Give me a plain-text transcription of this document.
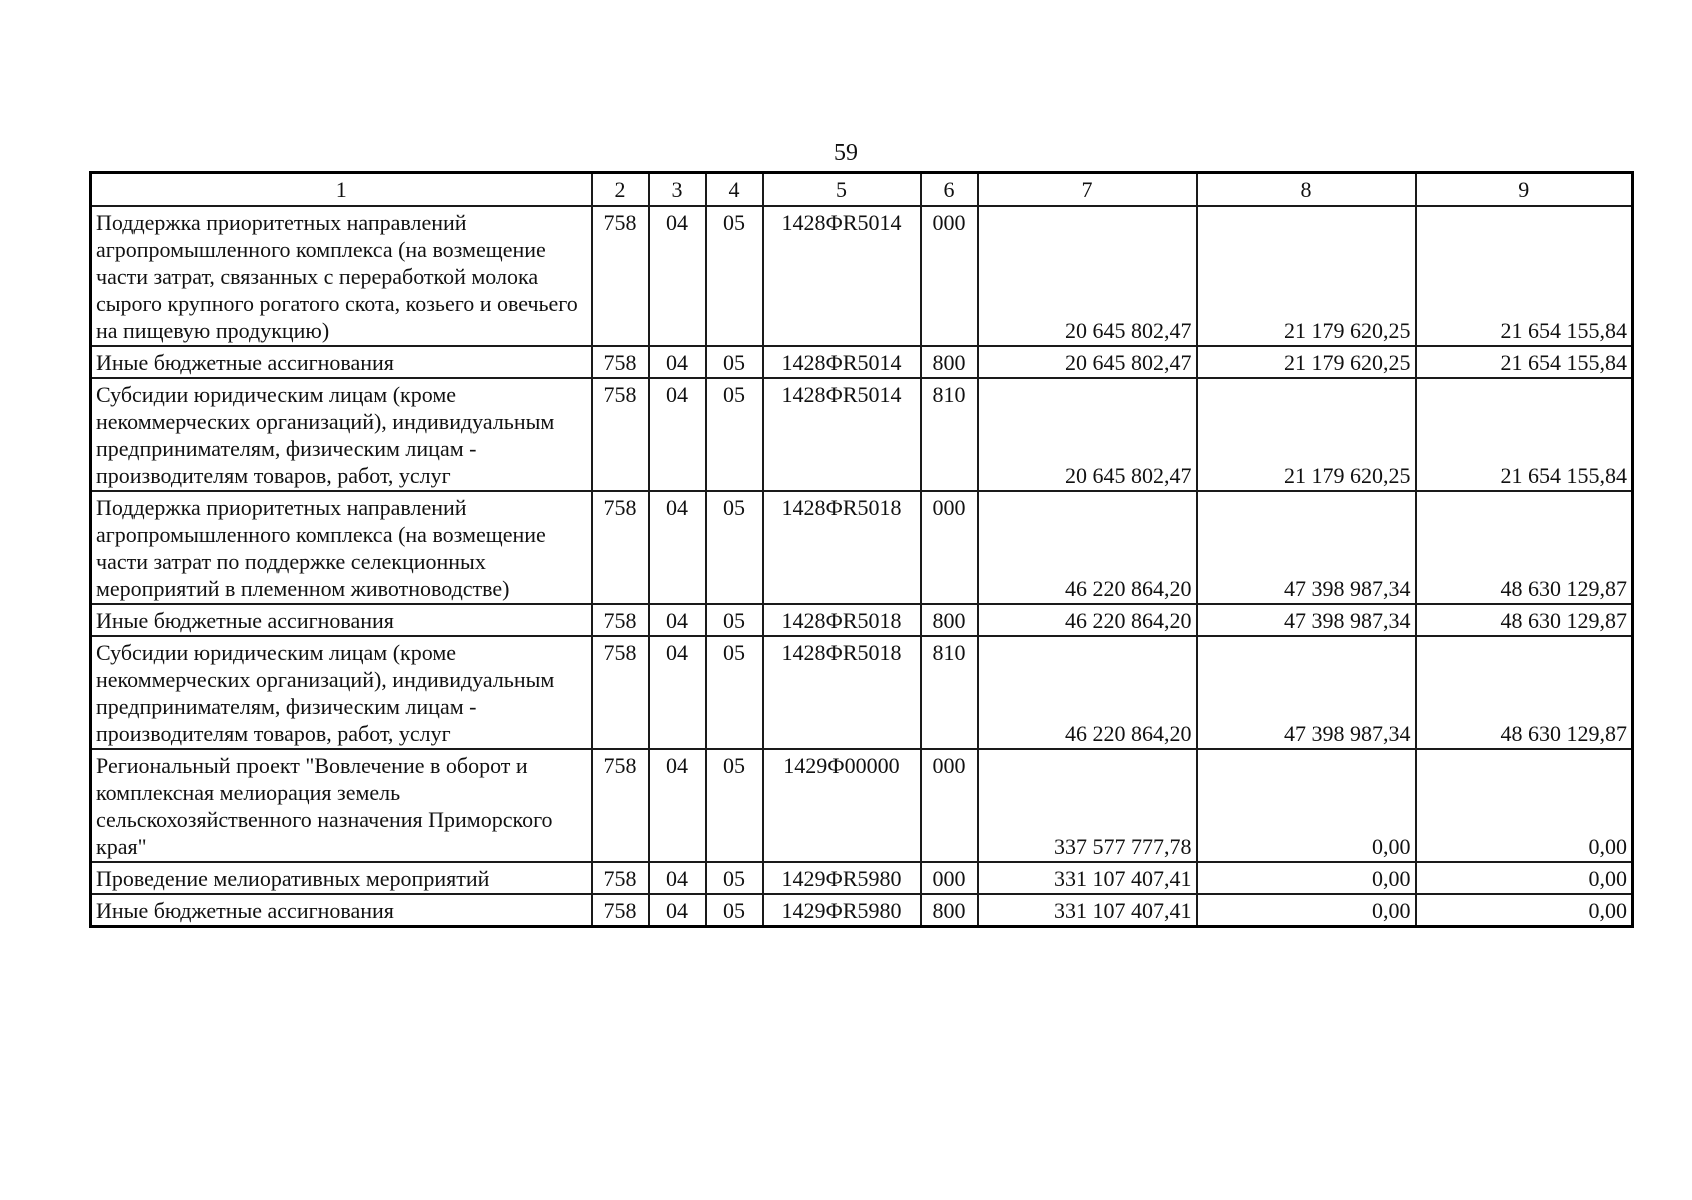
59
1	2	3	4	5	6	7	8	9
Поддержка приоритетных направлений агропромышленного комплекса (на возмещение части затрат, связанных с переработкой молока сырого крупного рогатого скота, козьего и овечьего на пищевую продукцию)	758	04	05	1428ФR5014	000	20 645 802,47	21 179 620,25	21 654 155,84
Иные бюджетные ассигнования	758	04	05	1428ФR5014	800	20 645 802,47	21 179 620,25	21 654 155,84
Субсидии юридическим лицам (кроме некоммерческих организаций), индивидуальным предпринимателям, физическим лицам - производителям товаров, работ, услуг	758	04	05	1428ФR5014	810	20 645 802,47	21 179 620,25	21 654 155,84
Поддержка приоритетных направлений агропромышленного комплекса (на возмещение части затрат по поддержке селекционных мероприятий в племенном животноводстве)	758	04	05	1428ФR5018	000	46 220 864,20	47 398 987,34	48 630 129,87
Иные бюджетные ассигнования	758	04	05	1428ФR5018	800	46 220 864,20	47 398 987,34	48 630 129,87
Субсидии юридическим лицам (кроме некоммерческих организаций), индивидуальным предпринимателям, физическим лицам - производителям товаров, работ, услуг	758	04	05	1428ФR5018	810	46 220 864,20	47 398 987,34	48 630 129,87
Региональный проект "Вовлечение в оборот и комплексная мелиорация земель сельскохозяйственного назначения Приморского края"	758	04	05	1429Ф00000	000	337 577 777,78	0,00	0,00
Проведение мелиоративных мероприятий	758	04	05	1429ФR5980	000	331 107 407,41	0,00	0,00
Иные бюджетные ассигнования	758	04	05	1429ФR5980	800	331 107 407,41	0,00	0,00
